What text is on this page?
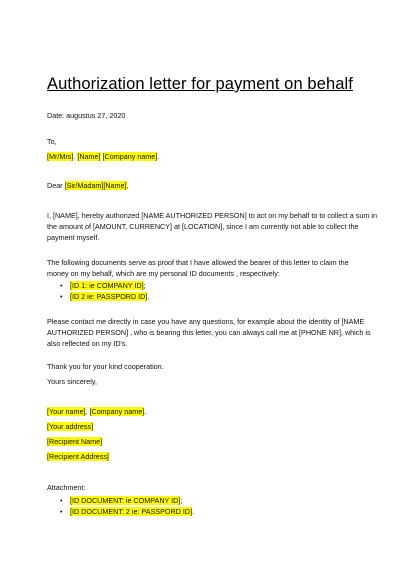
Authorization letter for payment on behalf
Date: augustus 27, 2020
To,
[Mr/Mrs]. [Name] [Company name].
Dear [Sir/Madam][Name],
I, [NAME], hereby authorized [NAME AUTHORIZED PERSON] to act on my behalf to to collect a sum in
the amount of [AMOUNT, CURRENCY] at [LOCATION], since I am currently not able to collect the
payment myself.
The following documents serve as proof that I have allowed the bearer of this letter to claim the
money on my behalf, which are my personal ID documents , respectively:
• [ID 1: ie COMPANY ID];
• [ID 2 ie: PASSPORD ID].
Please contact me directly in case you have any questions, for example about the identity of [NAME
AUTHORIZED PERSON] , who is bearing this letter, you can always call me at [PHONE NR], which is
also reflected on my ID's.
Thank you for your kind cooperation.
Yours sincerely,
[Your name], [Company name].
[Your address]
[Recipient Name]
[Recipient Address]
Attachment:
• [ID DOCUMENT: ie COMPANY ID];
• [ID DOCUMENT: 2 ie: PASSPORD ID].
